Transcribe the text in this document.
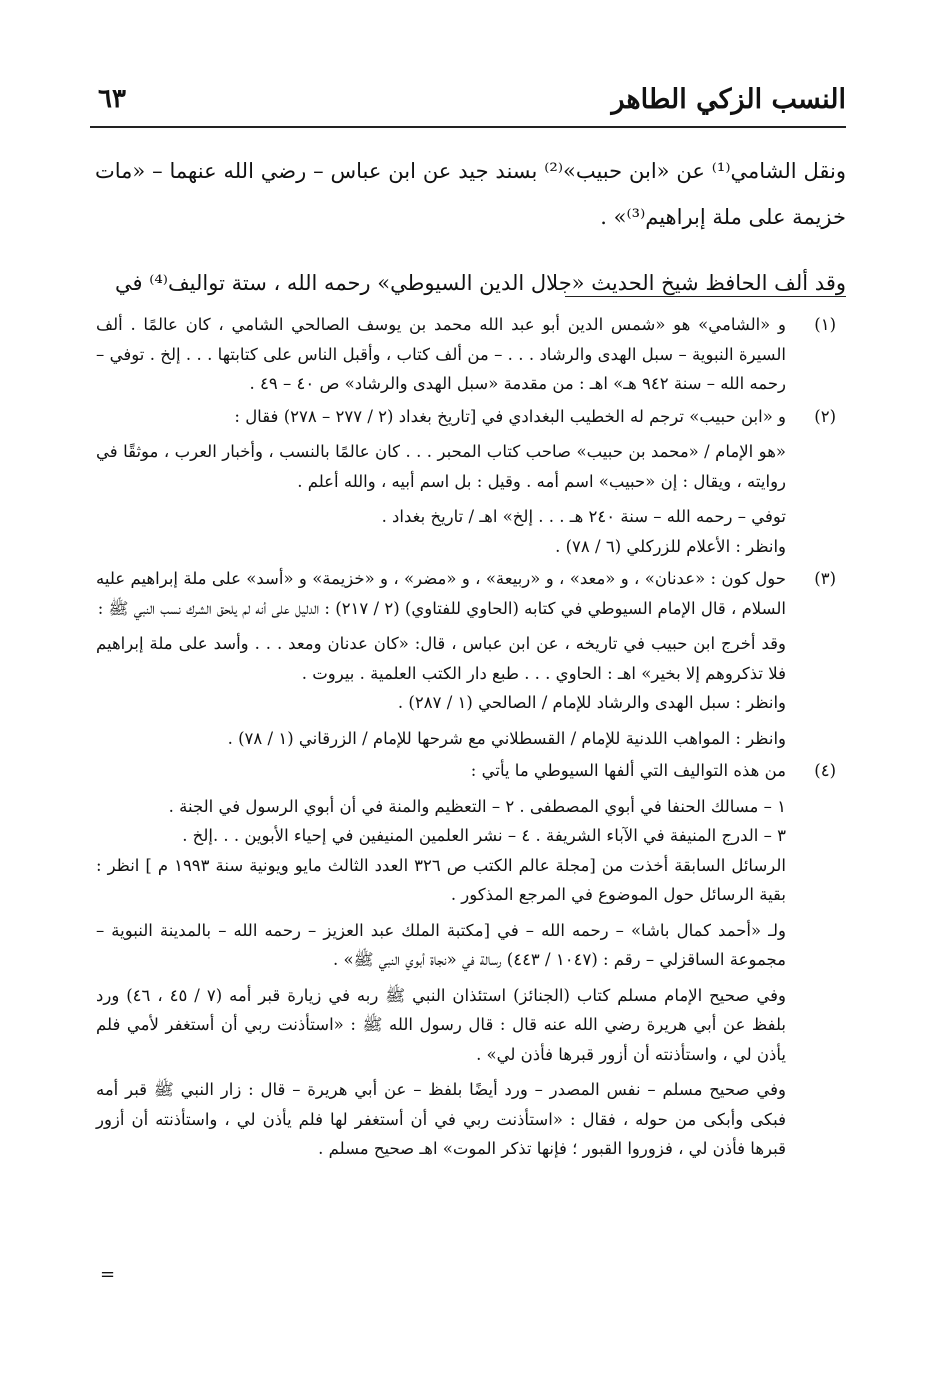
النسب الزكي الطاهر
٦٣

ونقل الشامي⁽¹⁾ عن «ابن حبيب»⁽²⁾ بسند جيد عن ابن عباس – رضي الله عنهما – «مات خزيمة على ملة إبراهيم⁽³⁾» .

وقد ألف الحافظ شيخ الحديث «جلال الدين السيوطي» رحمه الله ، ستة تواليف⁽⁴⁾ في

(١)

و «الشامي» هو «شمس الدين أبو عبد الله محمد بن يوسف الصالحي الشامي ، كان عالمًا . ألف السيرة النبوية – سبل الهدى والرشاد . . . – من ألف كتاب ، وأقبل الناس على كتابتها . . . إلخ . توفي – رحمه الله – سنة ٩٤٢ هـ» اهـ : من مقدمة «سبل الهدى والرشاد» ص ٤٠ – ٤٩ .

(٢)

و «ابن حبيب» ترجم له الخطيب البغدادي في [تاريخ بغداد (٢ / ٢٧٧ – ٢٧٨) فقال :

«هو الإمام / «محمد بن حبيب» صاحب كتاب المحبر . . . كان عالمًا بالنسب ، وأخبار العرب ، موثقًا في روايته ، ويقال : إن «حبيب» اسم أمه . وقيل : بل اسم أبيه ، والله أعلم .

توفي – رحمه الله – سنة ٢٤٠ هـ . . . إلخ» اهـ / تاريخ بغداد .

وانظر : الأعلام للزركلي (٦ / ٧٨) .

(٣)

حول كون : «عدنان» ، و «معد» ، و «ربيعة» ، و «مضر» ، و «خزيمة» و «أسد» على ملة إبراهيم عليه السلام ، قال الإمام السيوطي في كتابه (الحاوي للفتاوي) (٢ / ٢١٧) : الدليل على أنه لم يلحق الشرك نسب النبي ﷺ :

وقد أخرج ابن حبيب في تاريخه ، عن ابن عباس ، قال: «كان عدنان ومعد . . . وأسد على ملة إبراهيم فلا تذكروهم إلا بخير» اهـ : الحاوي . . . طبع دار الكتب العلمية . بيروت .

وانظر : سبل الهدى والرشاد للإمام / الصالحي (١ / ٢٨٧) .

وانظر : المواهب اللدنية للإمام / القسطلاني مع شرحها للإمام / الزرقاني (١ / ٧٨) .

(٤)

من هذه التواليف التي ألفها السيوطي ما يأتي :

١ – مسالك الحنفا في أبوي المصطفى . ٢ – التعظيم والمنة في أن أبوي الرسول في الجنة .

٣ – الدرج المنيفة في الآباء الشريفة . ٤ – نشر العلمين المنيفين في إحياء الأبوين . . .إلخ .

الرسائل السابقة أخذت من [مجلة عالم الكتب ص ٣٢٦ العدد الثالث مايو ويونية سنة ١٩٩٣ م ] انظر : بقية الرسائل حول الموضوع في المرجع المذكور .

ولـ «أحمد كمال باشا» – رحمه الله – في [مكتبة الملك عبد العزيز – رحمه الله – بالمدينة النبوية – مجموعة الساقزلي – رقم : (١٠٤٧ / ٤٤٣) رسالة في «نجاة أبوي النبي ﷺ» .

وفي صحيح الإمام مسلم كتاب (الجنائز) استئذان النبي ﷺ ربه في زيارة قبر أمه (٧ / ٤٥ ، ٤٦) ورد بلفظ عن أبي هريرة رضي الله عنه قال : قال رسول الله ﷺ : «استأذنت ربي أن أستغفر لأمي فلم يأذن لي ، واستأذنته أن أزور قبرها فأذن لي» .

وفي صحيح مسلم – نفس المصدر – ورد أيضًا بلفظ – عن أبي هريرة – قال : زار النبي ﷺ قبر أمه فبكى وأبكى من حوله ، فقال : «استأذنت ربي في أن أستغفر لها فلم يأذن لي ، واستأذنته أن أزور قبرها فأذن لي ، فزوروا القبور ؛ فإنها تذكر الموت» اهـ صحيح مسلم .

=
